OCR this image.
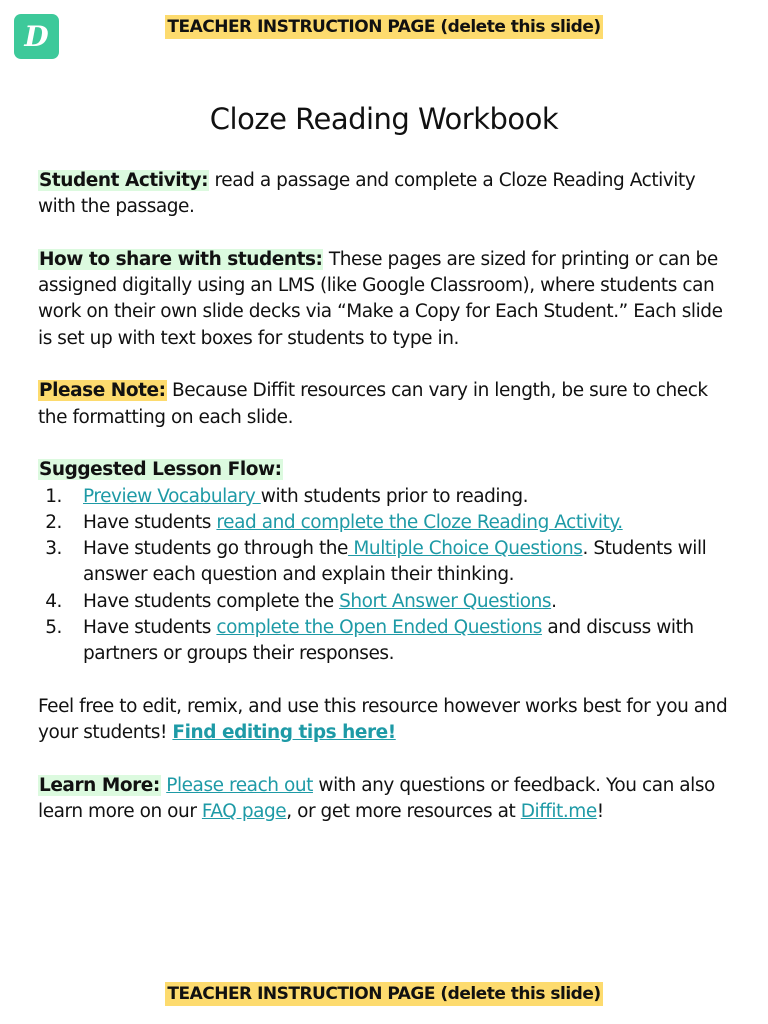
D	TEACHER INSTRUCTION PAGE (delete this slide)
Cloze Reading Workbook

Student Activity: read a passage and complete a Cloze Reading Activity with the passage.

How to share with students: These pages are sized for printing or can be assigned digitally using an LMS (like Google Classroom), where students can work on their own slide decks via “Make a Copy for Each Student.” Each slide is set up with text boxes for students to type in.

Please Note: Because Diffit resources can vary in length, be sure to check the formatting on each slide.

Suggested Lesson Flow:
1. Preview Vocabulary with students prior to reading.
2. Have students read and complete the Cloze Reading Activity.
3. Have students go through the Multiple Choice Questions. Students will answer each question and explain their thinking.
4. Have students complete the Short Answer Questions.
5. Have students complete the Open Ended Questions and discuss with partners or groups their responses.

Feel free to edit, remix, and use this resource however works best for you and your students! Find editing tips here!

Learn More: Please reach out with any questions or feedback. You can also learn more on our FAQ page, or get more resources at Diffit.me!

TEACHER INSTRUCTION PAGE (delete this slide)
